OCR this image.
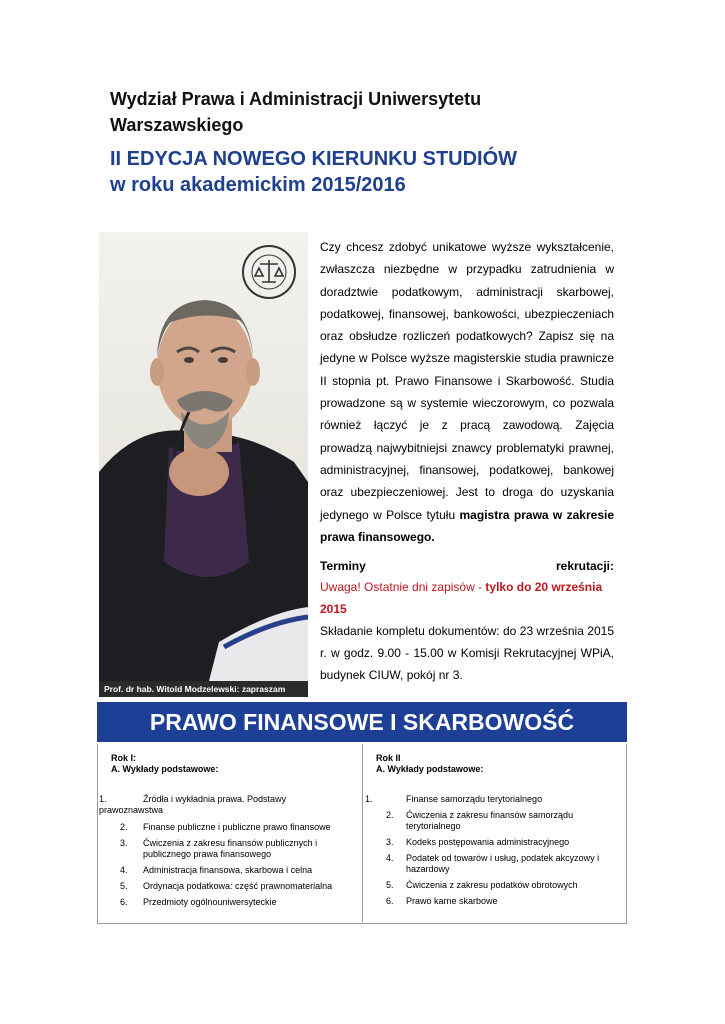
Wydział Prawa i Administracji Uniwersytetu
Warszawskiego
II EDYCJA NOWEGO KIERUNKU STUDIÓW
w roku akademickim 2015/2016
Prof. dr hab. Witold Modzelewski: zapraszam
Czy chcesz zdobyć unikatowe wyższe wykształcenie, zwłaszcza niezbędne w przypadku zatrudnienia w doradztwie podatkowym, administracji skarbowej, podatkowej, finansowej, bankowości, ubezpieczeniach oraz obsłudze rozliczeń podatkowych? Zapisz się na jedyne w Polsce wyższe magisterskie studia prawnicze II stopnia pt. Prawo Finansowe i Skarbowość. Studia prowadzone są w systemie wieczorowym, co pozwala również łączyć je z pracą zawodową. Zajęcia prowadzą najwybitniejsi znawcy problematyki prawnej, administracyjnej, finansowej, podatkowej, bankowej oraz ubezpieczeniowej. Jest to droga do uzyskania jedynego w Polsce tytułu magistra prawa w zakresie prawa finansowego.
Terminy	rekrutacji:
Uwaga! Ostatnie dni zapisów - tylko do 20 września 2015
Składanie kompletu dokumentów: do 23 września 2015 r. w godz. 9.00 - 15.00 w Komisji Rekrutacyjnej WPiA, budynek CIUW, pokój nr 3.
PRAWO FINANSOWE I SKARBOWOŚĆ
Rok I:
A. Wykłady podstawowe:
1.	Źródła i wykładnia prawa. Podstawy prawoznawstwa
2. Finanse publiczne i publiczne prawo finansowe
3. Ćwiczenia z zakresu finansów publicznych i publicznego prawa finansowego
4. Administracja finansowa, skarbowa i celna
5. Ordynacja podatkowa: część prawnomaterialna
6. Przedmioty ogólnouniwersyteckie
Rok II
A. Wykłady podstawowe:
1.	Finanse samorządu terytorialnego
2. Ćwiczenia z zakresu finansów samorządu terytorialnego
3. Kodeks postępowania administracyjnego
4. Podatek od towarów i usług, podatek akcyzowy i hazardowy
5. Ćwiczenia z zakresu podatków obrotowych
6. Prawo karne skarbowe
